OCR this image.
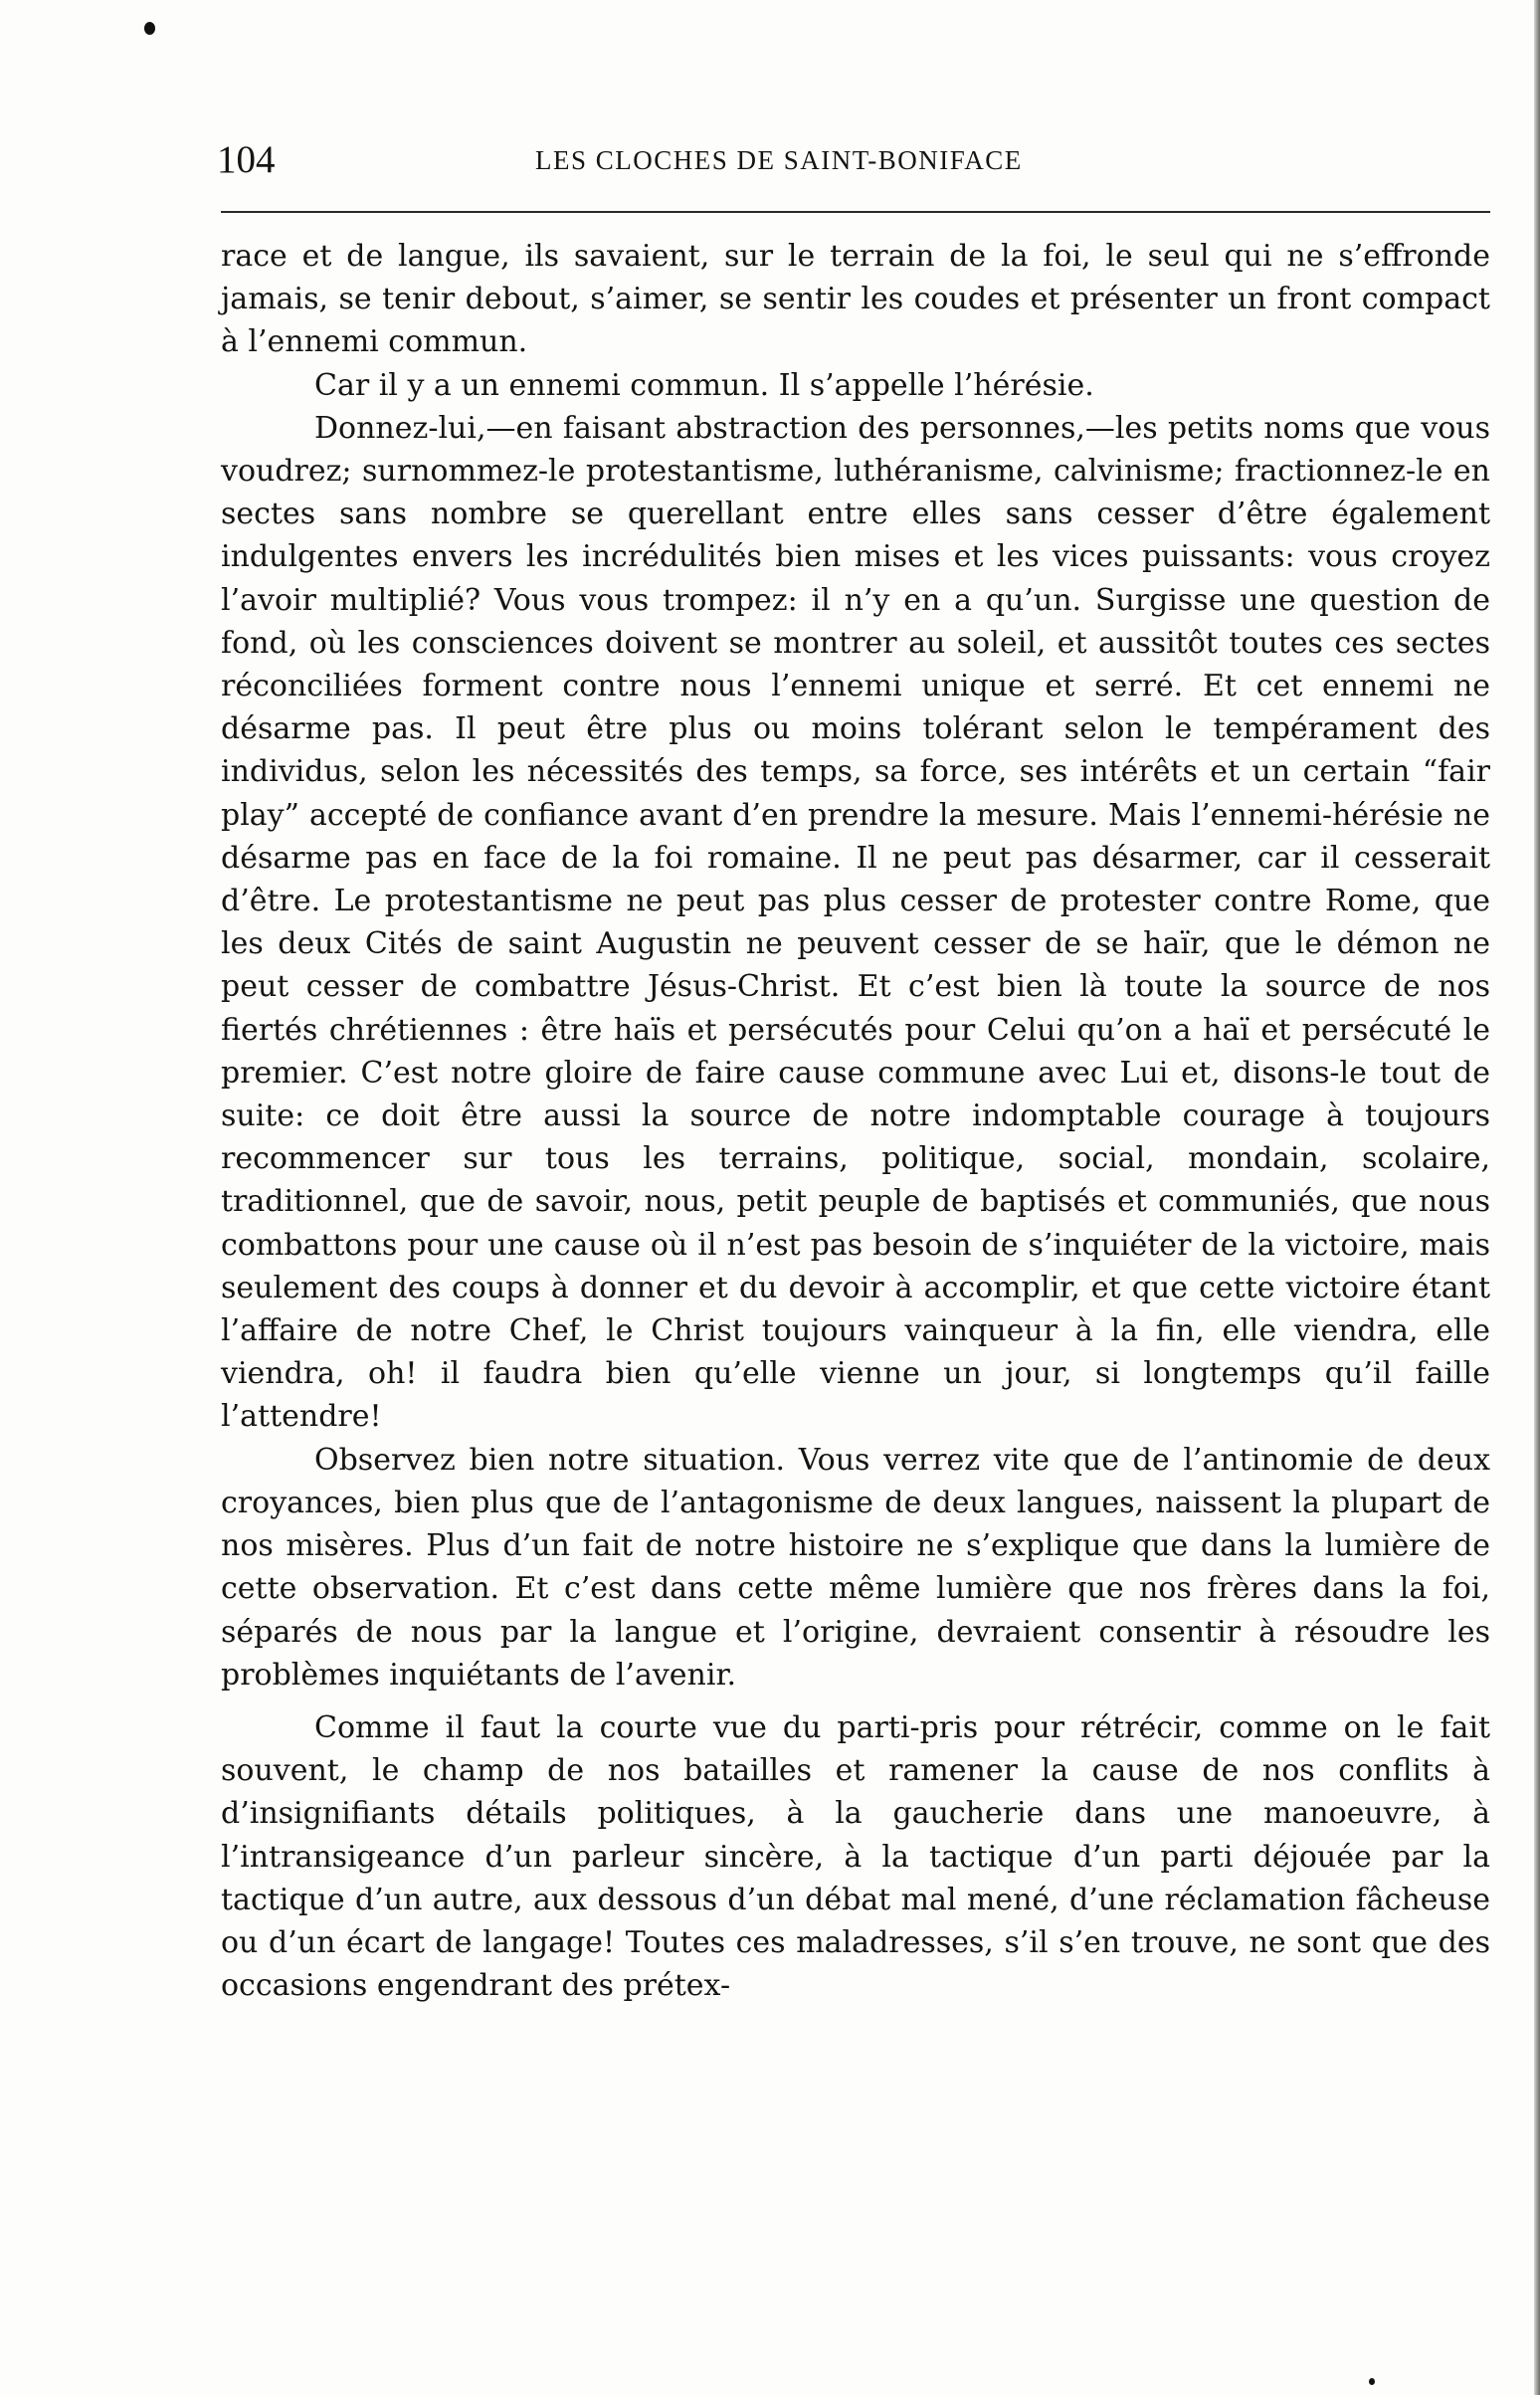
104	LES CLOCHES DE SAINT-BONIFACE

race et de langue, ils savaient, sur le terrain de la foi, le seul qui ne s’effronde jamais, se tenir debout, s’aimer, se sentir les coudes et présenter un front compact à l’ennemi commun.

Car il y a un ennemi commun. Il s’appelle l’hérésie.

Donnez-lui,—en faisant abstraction des personnes,—les petits noms que vous voudrez; surnommez-le protestantisme, luthéranisme, calvinisme; fractionnez-le en sectes sans nombre se querellant entre elles sans cesser d’être également indulgentes envers les incrédulités bien mises et les vices puissants: vous croyez l’avoir multiplié? Vous vous trompez: il n’y en a qu’un. Surgisse une question de fond, où les consciences doivent se montrer au soleil, et aussitôt toutes ces sectes réconciliées forment contre nous l’ennemi unique et serré. Et cet ennemi ne désarme pas. Il peut être plus ou moins tolérant selon le tempérament des individus, selon les nécessités des temps, sa force, ses intérêts et un certain “fair play” accepté de confiance avant d’en prendre la mesure. Mais l’ennemi-hérésie ne désarme pas en face de la foi romaine. Il ne peut pas désarmer, car il cesserait d’être. Le protestantisme ne peut pas plus cesser de protester contre Rome, que les deux Cités de saint Augustin ne peuvent cesser de se haïr, que le démon ne peut cesser de combattre Jésus-Christ. Et c’est bien là toute la source de nos fiertés chrétiennes : être haïs et persécutés pour Celui qu’on a haï et persécuté le premier. C’est notre gloire de faire cause commune avec Lui et, disons-le tout de suite: ce doit être aussi la source de notre indomptable courage à toujours recommencer sur tous les terrains, politique, social, mondain, scolaire, traditionnel, que de savoir, nous, petit peuple de baptisés et communiés, que nous combattons pour une cause où il n’est pas besoin de s’inquiéter de la victoire, mais seulement des coups à donner et du devoir à accomplir, et que cette victoire étant l’affaire de notre Chef, le Christ toujours vainqueur à la fin, elle viendra, elle viendra, oh! il faudra bien qu’elle vienne un jour, si longtemps qu’il faille l’attendre!

Observez bien notre situation. Vous verrez vite que de l’antinomie de deux croyances, bien plus que de l’antagonisme de deux langues, naissent la plupart de nos misères. Plus d’un fait de notre histoire ne s’explique que dans la lumière de cette observation. Et c’est dans cette même lumière que nos frères dans la foi, séparés de nous par la langue et l’origine, devraient consentir à résoudre les problèmes inquiétants de l’avenir.

Comme il faut la courte vue du parti-pris pour rétrécir, comme on le fait souvent, le champ de nos batailles et ramener la cause de nos conflits à d’insignifiants détails politiques, à la gaucherie dans une manoeuvre, à l’intransigeance d’un parleur sincère, à la tactique d’un parti déjouée par la tactique d’un autre, aux dessous d’un débat mal mené, d’une réclamation fâcheuse ou d’un écart de langage! Toutes ces maladresses, s’il s’en trouve, ne sont que des occasions engendrant des prétex-
